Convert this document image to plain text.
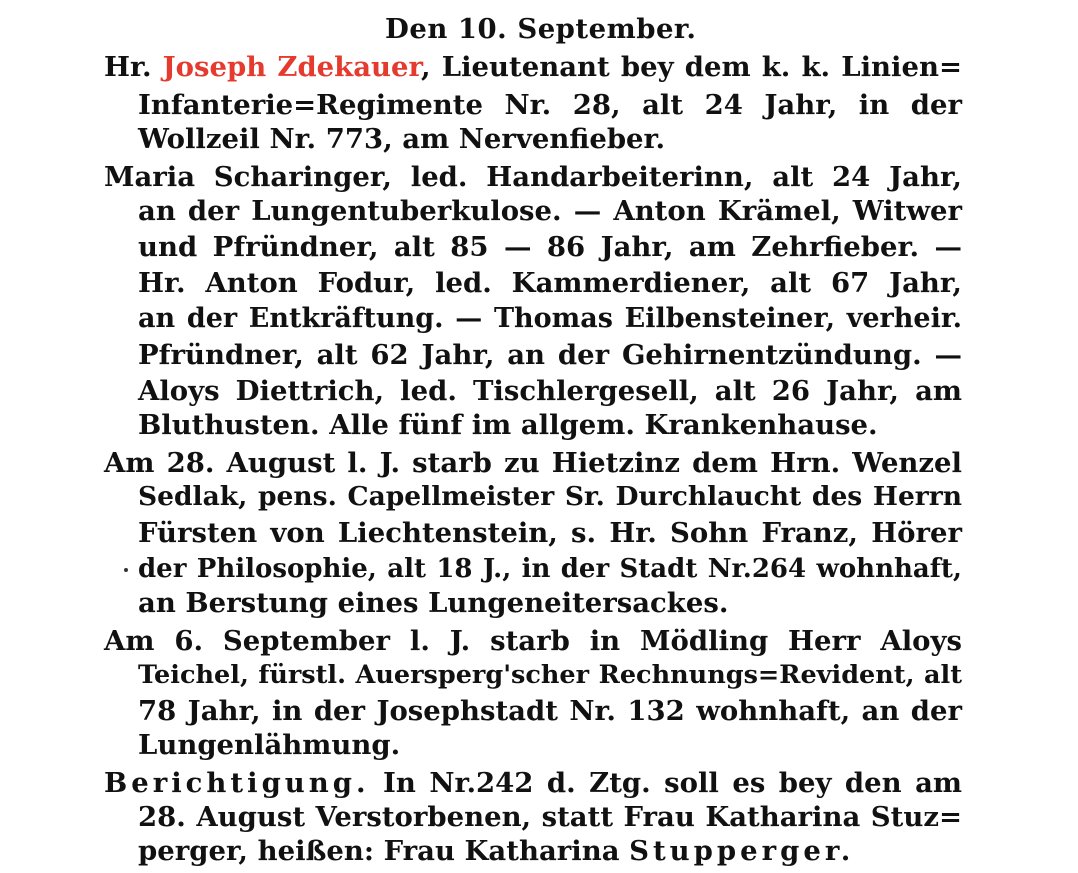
Den 10. September.
Hr. Joseph Zdekauer, Lieutenant bey dem k. k. Linien=
Infanterie=Regimente Nr. 28, alt 24 Jahr, in der
Wollzeil Nr. 773, am Nervenfieber.
Maria Scharinger, led. Handarbeiterinn, alt 24 Jahr,
an der Lungentuberkulose. — Anton Krämel, Witwer
und Pfründner, alt 85 — 86 Jahr, am Zehrfieber. —
Hr. Anton Fodur, led. Kammerdiener, alt 67 Jahr,
an der Entkräftung. — Thomas Eilbensteiner, verheir.
Pfründner, alt 62 Jahr, an der Gehirnentzündung. —
Aloys Diettrich, led. Tischlergesell, alt 26 Jahr, am
Bluthusten. Alle fünf im allgem. Krankenhause.
Am 28. August l. J. starb zu Hietzinz dem Hrn. Wenzel
Sedlak, pens. Capellmeister Sr. Durchlaucht des Herrn
Fürsten von Liechtenstein, s. Hr. Sohn Franz, Hörer
der Philosophie, alt 18 J., in der Stadt Nr.264 wohnhaft,
an Berstung eines Lungeneitersackes.
Am 6. September l. J. starb in Mödling Herr Aloys
Teichel, fürstl. Auersperg'scher Rechnungs=Revident, alt
78 Jahr, in der Josephstadt Nr. 132 wohnhaft, an der
Lungenlähmung.
Berichtigung. In Nr.242 d. Ztg. soll es bey den am
28. August Verstorbenen, statt Frau Katharina Stuz=
perger, heißen: Frau Katharina Stupperger.
